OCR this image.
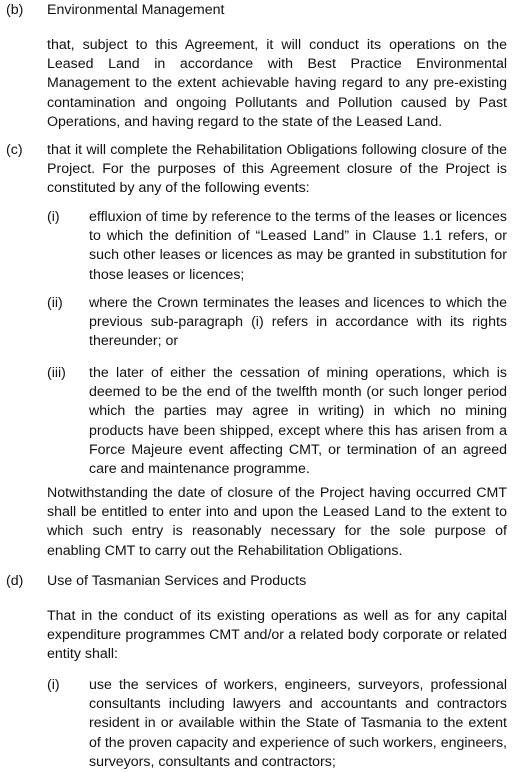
(b) Environmental Management
that, subject to this Agreement, it will conduct its operations on the Leased Land in accordance with Best Practice Environmental Management to the extent achievable having regard to any pre-existing contamination and ongoing Pollutants and Pollution caused by Past Operations, and having regard to the state of the Leased Land.
(c) that it will complete the Rehabilitation Obligations following closure of the Project. For the purposes of this Agreement closure of the Project is constituted by any of the following events:
(i) effluxion of time by reference to the terms of the leases or licences to which the definition of “Leased Land” in Clause 1.1 refers, or such other leases or licences as may be granted in substitution for those leases or licences;
(ii) where the Crown terminates the leases and licences to which the previous sub-paragraph (i) refers in accordance with its rights thereunder; or
(iii) the later of either the cessation of mining operations, which is deemed to be the end of the twelfth month (or such longer period which the parties may agree in writing) in which no mining products have been shipped, except where this has arisen from a Force Majeure event affecting CMT, or termination of an agreed care and maintenance programme.
Notwithstanding the date of closure of the Project having occurred CMT shall be entitled to enter into and upon the Leased Land to the extent to which such entry is reasonably necessary for the sole purpose of enabling CMT to carry out the Rehabilitation Obligations.
(d) Use of Tasmanian Services and Products
That in the conduct of its existing operations as well as for any capital expenditure programmes CMT and/or a related body corporate or related entity shall:
(i) use the services of workers, engineers, surveyors, professional consultants including lawyers and accountants and contractors resident in or available within the State of Tasmania to the extent of the proven capacity and experience of such workers, engineers, surveyors, consultants and contractors;
